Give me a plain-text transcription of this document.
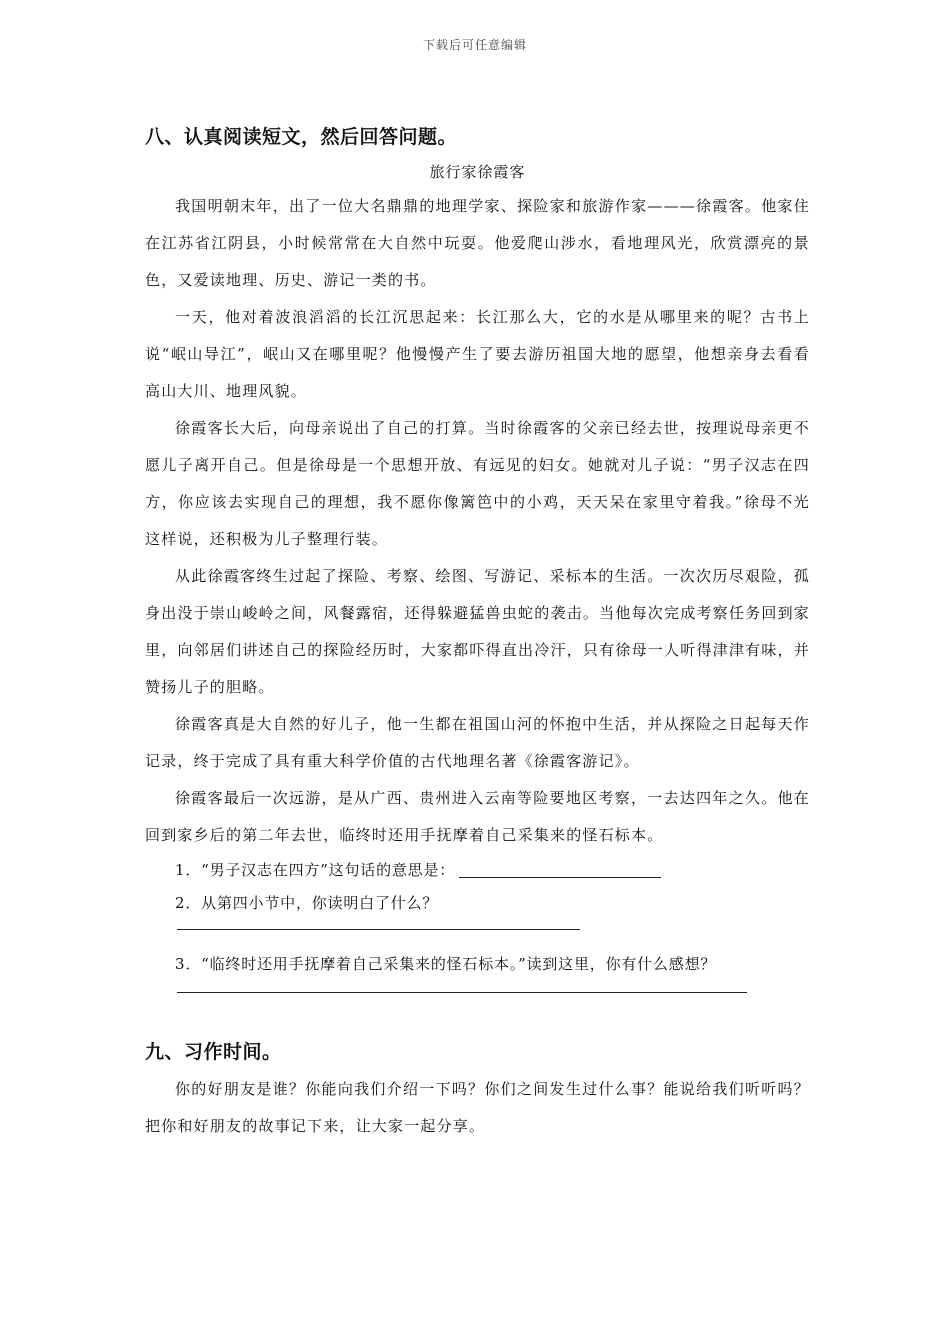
下载后可任意编辑
八、认真阅读短文，然后回答问题。
旅行家徐霞客

我国明朝末年，出了一位大名鼎鼎的地理学家、探险家和旅游作家———徐霞客。他家住在江苏省江阴县，小时候常常在大自然中玩耍。他爱爬山涉水，看地理风光，欣赏漂亮的景色，又爱读地理、历史、游记一类的书。

一天，他对着波浪滔滔的长江沉思起来：长江那么大，它的水是从哪里来的呢？古书上说“岷山导江”，岷山又在哪里呢？他慢慢产生了要去游历祖国大地的愿望，他想亲身去看看高山大川、地理风貌。

徐霞客长大后，向母亲说出了自己的打算。当时徐霞客的父亲已经去世，按理说母亲更不愿儿子离开自己。但是徐母是一个思想开放、有远见的妇女。她就对儿子说：“男子汉志在四方，你应该去实现自己的理想，我不愿你像篱笆中的小鸡，天天呆在家里守着我。”徐母不光这样说，还积极为儿子整理行装。

从此徐霞客终生过起了探险、考察、绘图、写游记、采标本的生活。一次次历尽艰险，孤身出没于崇山峻岭之间，风餐露宿，还得躲避猛兽虫蛇的袭击。当他每次完成考察任务回到家里，向邻居们讲述自己的探险经历时，大家都吓得直出冷汗，只有徐母一人听得津津有味，并赞扬儿子的胆略。

徐霞客真是大自然的好儿子，他一生都在祖国山河的怀抱中生活，并从探险之日起每天作记录，终于完成了具有重大科学价值的古代地理名著《徐霞客游记》。

徐霞客最后一次远游，是从广西、贵州进入云南等险要地区考察，一去达四年之久。他在回到家乡后的第二年去世，临终时还用手抚摩着自己采集来的怪石标本。

1．“男子汉志在四方”这句话的意思是：

2．从第四小节中，你读明白了什么？

3．“临终时还用手抚摩着自己采集来的怪石标本。”读到这里，你有什么感想？

九、习作时间。

你的好朋友是谁？你能向我们介绍一下吗？你们之间发生过什么事？能说给我们听听吗？把你和好朋友的故事记下来，让大家一起分享。
